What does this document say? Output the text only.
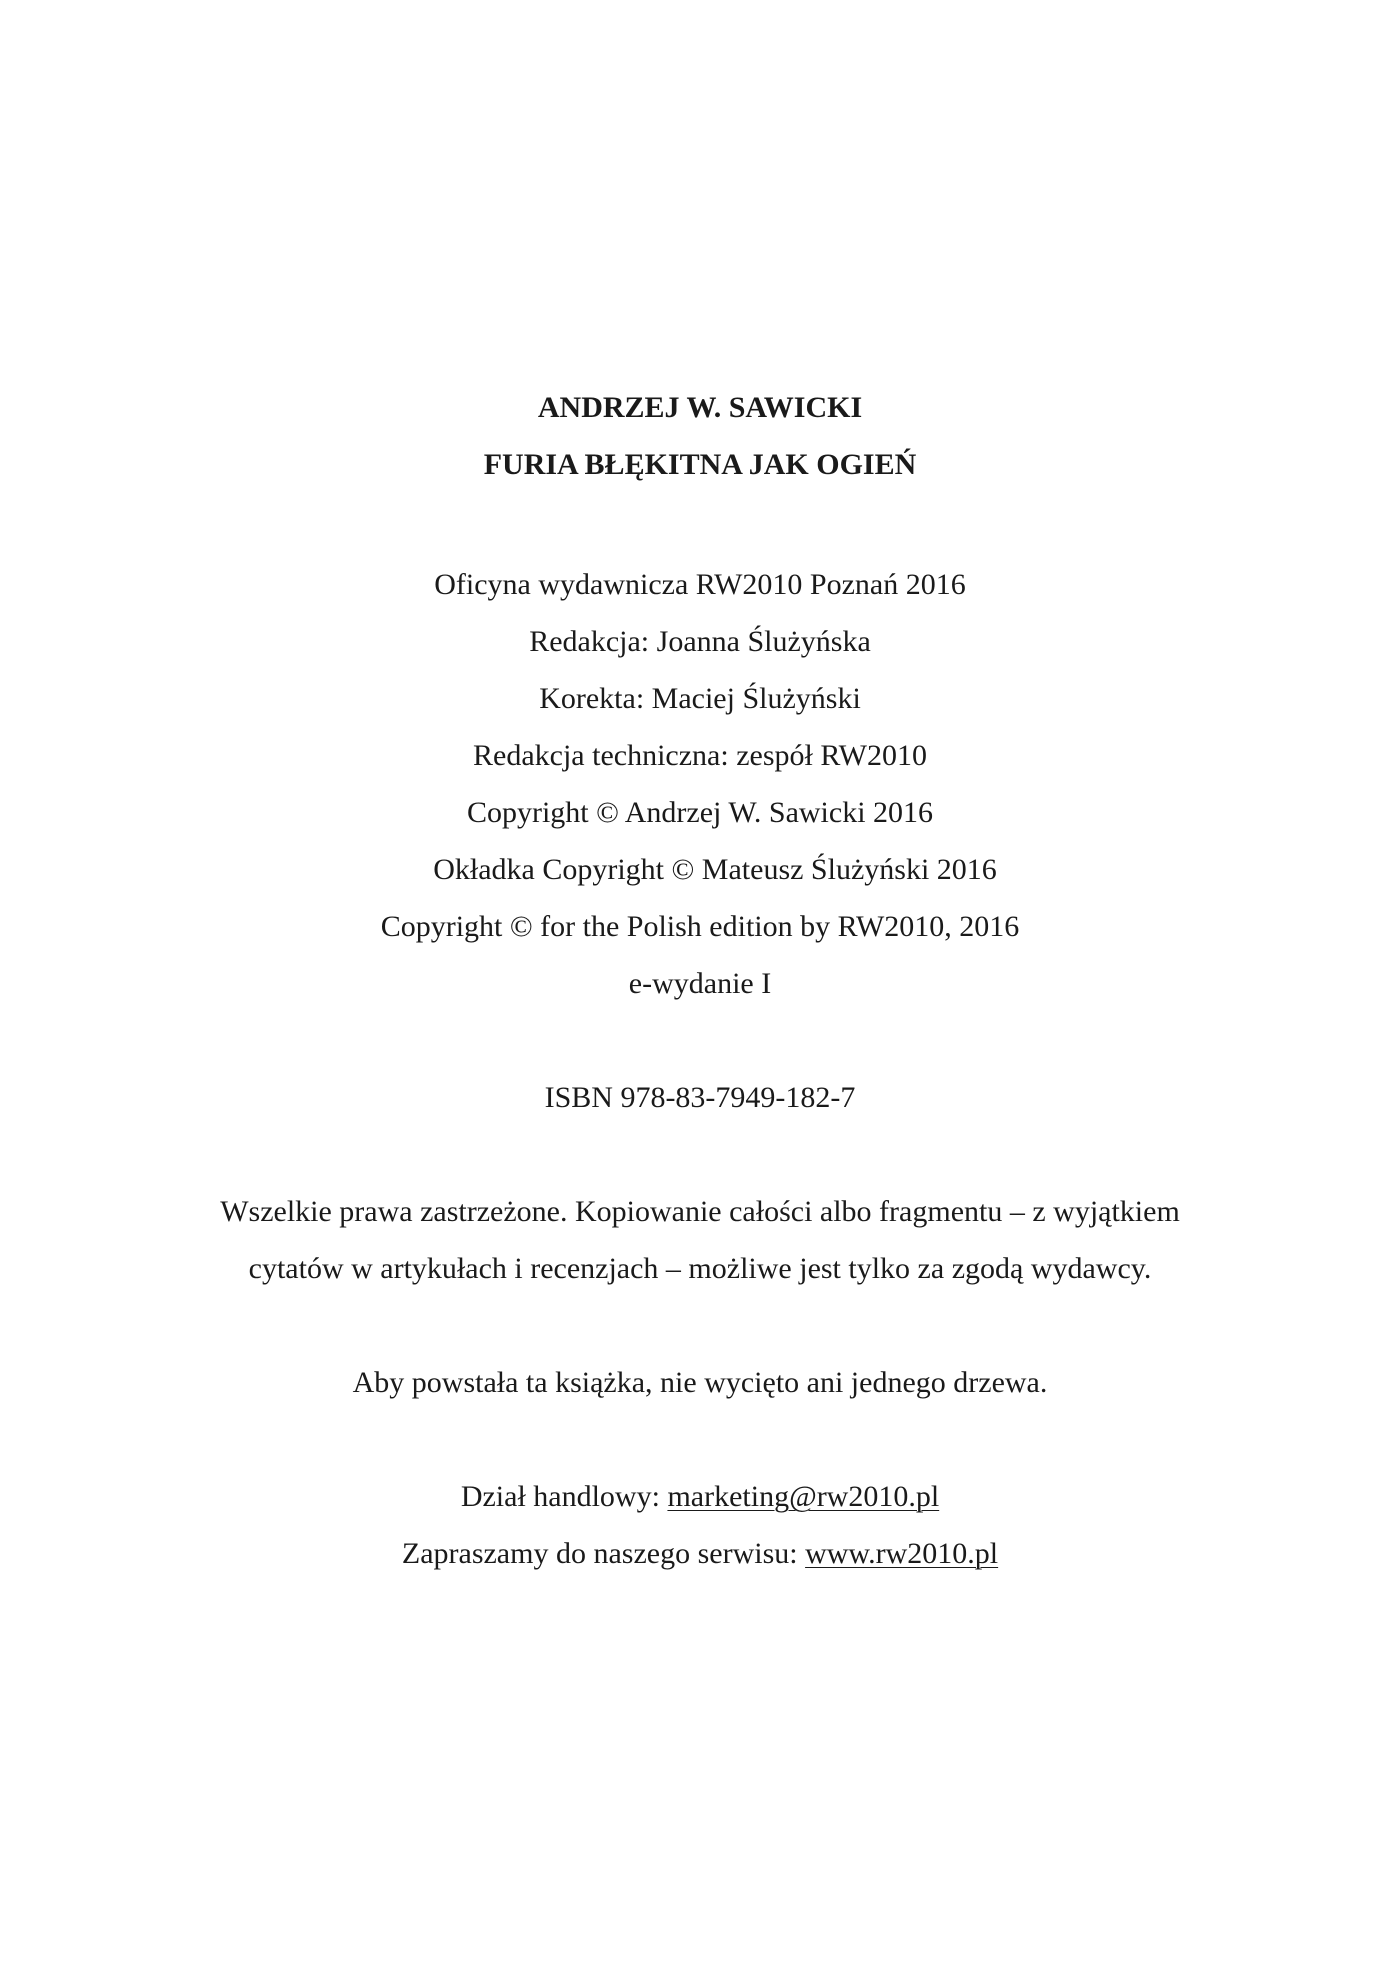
ANDRZEJ W. SAWICKI
FURIA BŁĘKITNA JAK OGIEŃ
Oficyna wydawnicza RW2010 Poznań 2016
Redakcja: Joanna Ślużyńska
Korekta: Maciej Ślużyński
Redakcja techniczna: zespół RW2010
Copyright © Andrzej W. Sawicki 2016
Okładka Copyright © Mateusz Ślużyński 2016
Copyright © for the Polish edition by RW2010, 2016
e-wydanie I
ISBN 978-83-7949-182-7
Wszelkie prawa zastrzeżone. Kopiowanie całości albo fragmentu – z wyjątkiem
cytatów w artykułach i recenzjach – możliwe jest tylko za zgodą wydawcy.
Aby powstała ta książka, nie wycięto ani jednego drzewa.
Dział handlowy: marketing@rw2010.pl
Zapraszamy do naszego serwisu: www.rw2010.pl
